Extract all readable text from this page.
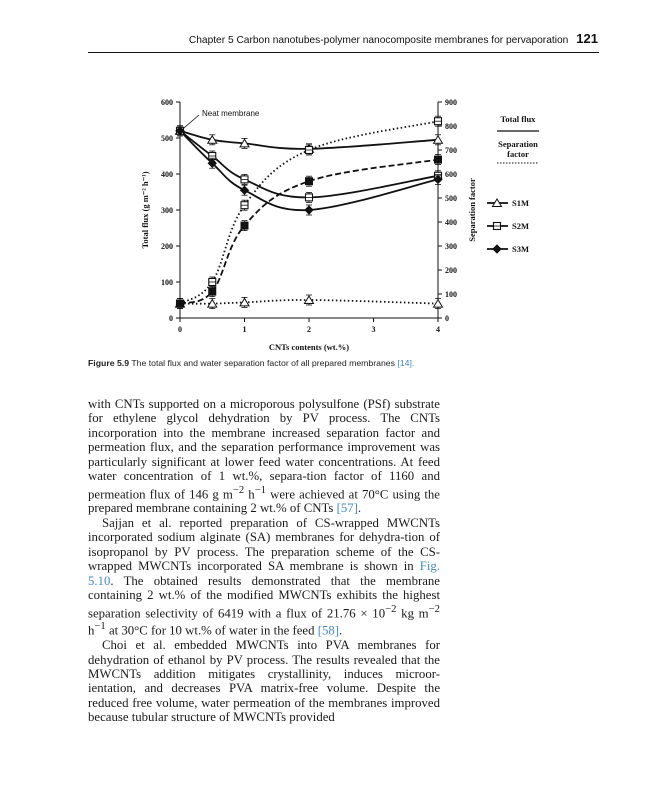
Chapter 5 Carbon nanotubes-polymer nanocomposite membranes for pervaporation 121
0
100
200
300
400
500
600
0
100
200
300
400
500
600
700
800
900
0	1	2	3	4
CNTs contents (wt.%)
Total flux (g m⁻² h⁻¹)	Separation factor
Neat membrane
Total flux
Separation
factor
S1M
S2M
S3M
Figure 5.9 The total flux and water separation factor of all prepared membranes [14].

with CNTs supported on a microporous polysulfone (PSf) substrate for ethylene glycol dehydration by PV process. The CNTs incorporation into the membrane increased separation factor and permeation flux, and the separation performance improvement was particularly significant at lower feed water concentrations. At feed water concentration of 1 wt.%, separa-tion factor of 1160 and permeation flux of 146 g $m^{-2}$ $h^{-1}$ were achieved at 70°C using the prepared membrane containing 2 wt.% of CNTs [57].

Sajjan et al. reported preparation of CS-wrapped MWCNTs incorporated sodium alginate (SA) membranes for dehydra-tion of isopropanol by PV process. The preparation scheme of the CS-wrapped MWCNTs incorporated SA membrane is shown in Fig. 5.10. The obtained results demonstrated that the membrane containing 2 wt.% of the modified MWCNTs exhibits the highest separation selectivity of 6419 with a flux of $21.76 \times 10^{-2}$ kg $m^{-2}$ $h^{-1}$ at 30°C for 10 wt.% of water in the feed [58].

Choi et al. embedded MWCNTs into PVA membranes for dehydration of ethanol by PV process. The results revealed that the MWCNTs addition mitigates crystallinity, induces microor-ientation, and decreases PVA matrix-free volume. Despite the reduced free volume, water permeation of the membranes improved because tubular structure of MWCNTs provided
